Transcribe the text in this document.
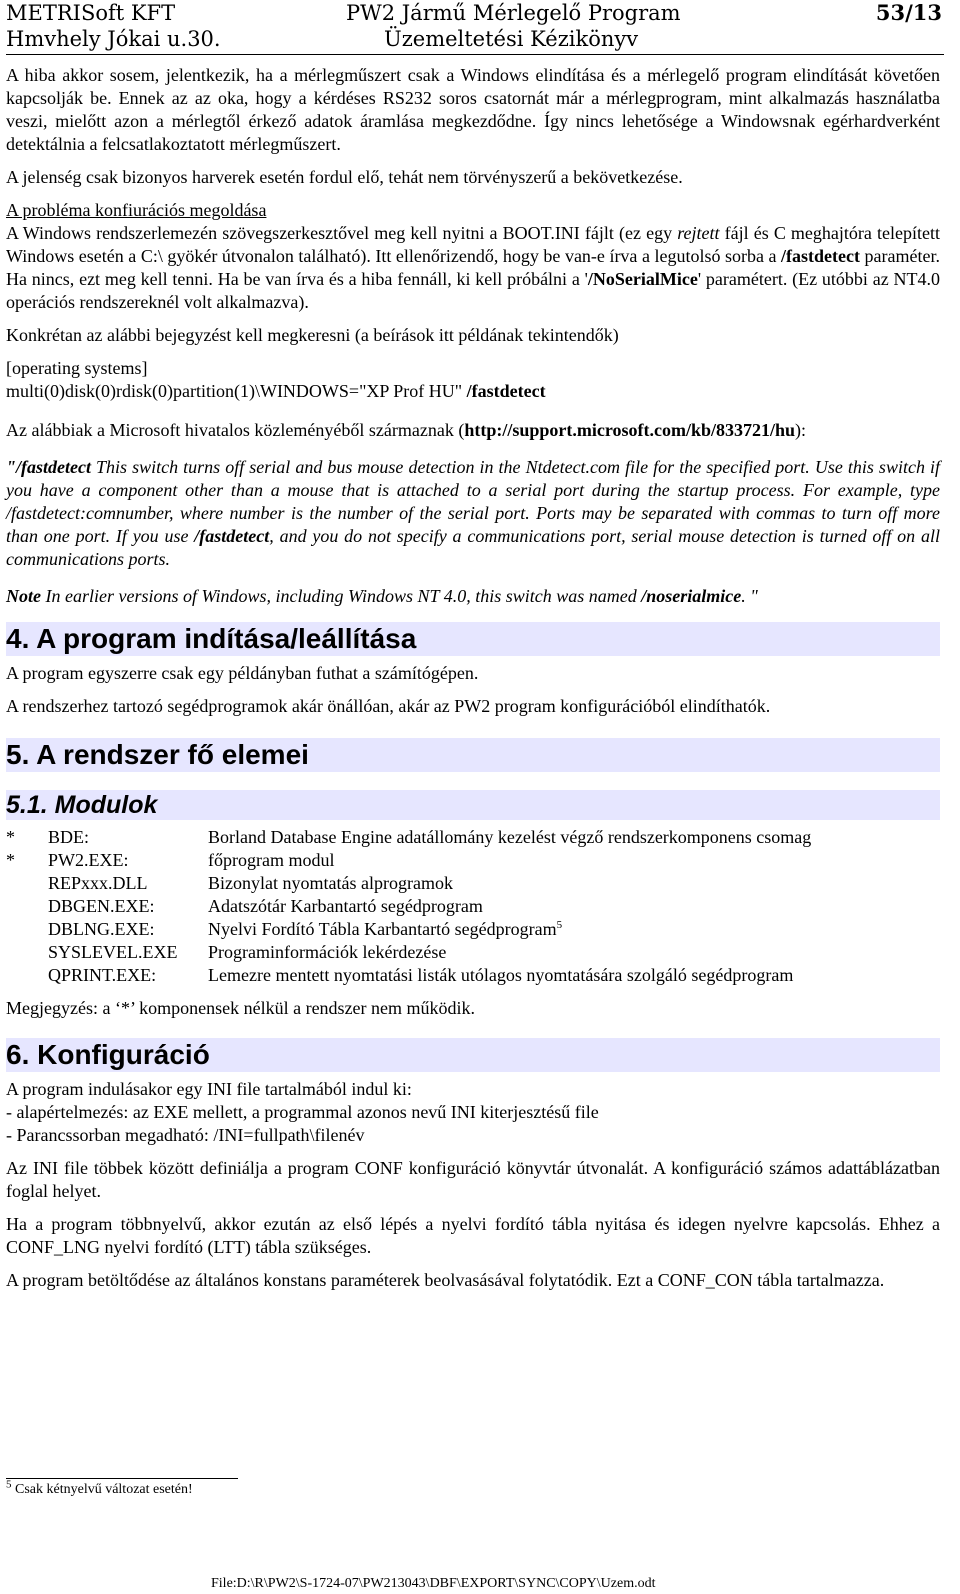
METRISoft KFT
Hmvhely Jókai u.30.
PW2 Jármű Mérlegelő Program
Üzemeltetési Kézikönyv
53/13

A hiba akkor sosem, jelentkezik, ha a mérlegműszert csak a Windows elindítása és a mérlegelő program elindítását követően kapcsolják be. Ennek az az oka, hogy a kérdéses RS232 soros csatornát már a mérlegprogram, mint alkalmazás használatba veszi, mielőtt azon a mérlegtől érkező adatok áramlása megkezdődne. Így nincs lehetősége a Windowsnak egérhardverként detektálnia a felcsatlakoztatott mérlegműszert.

A jelenség csak bizonyos harverek esetén fordul elő, tehát nem törvényszerű a bekövetkezése.

A probléma konfiurációs megoldása
A Windows rendszerlemezén szövegszerkesztővel meg kell nyitni a BOOT.INI fájlt (ez egy rejtett fájl és C meghajtóra telepített Windows esetén a C:\ gyökér útvonalon található). Itt ellenőrizendő, hogy be van-e írva a legutolsó sorba a /fastdetect paraméter. Ha nincs, ezt meg kell tenni. Ha be van írva és a hiba fennáll, ki kell próbálni a '/NoSerialMice' paramétert. (Ez utóbbi az NT4.0 operációs rendszereknél volt alkalmazva).

Konkrétan az alábbi bejegyzést kell megkeresni (a beírások itt példának tekintendők)

[operating systems]
multi(0)disk(0)rdisk(0)partition(1)\WINDOWS="XP Prof HU" /fastdetect

Az alábbiak a Microsoft hivatalos közleményéből származnak (http://support.microsoft.com/kb/833721/hu):

"/fastdetect This switch turns off serial and bus mouse detection in the Ntdetect.com file for the specified port. Use this switch if you have a component other than a mouse that is attached to a serial port during the startup process. For example, type /fastdetect:comnumber, where number is the number of the serial port. Ports may be separated with commas to turn off more than one port. If you use /fastdetect, and you do not specify a communications port, serial mouse detection is turned off on all communications ports.

Note In earlier versions of Windows, including Windows NT 4.0, this switch was named /noserialmice. "

4. A program indítása/leállítása

A program egyszerre csak egy példányban futhat a számítógépen.

A rendszerhez tartozó segédprogramok akár önállóan, akár az PW2 program konfigurációból elindíthatók.

5. A rendszer fő elemei
5.1. Modulok
*	BDE:	Borland Database Engine adatállomány kezelést végző rendszerkomponens csomag
*	PW2.EXE:	főprogram modul
REPxxx.DLL	Bizonylat nyomtatás alprogramok
DBGEN.EXE:	Adatszótár Karbantartó segédprogram
DBLNG.EXE:	Nyelvi Fordító Tábla Karbantartó segédprogram$^5$
SYSLEVEL.EXE	Programinformációk lekérdezése
QPRINT.EXE:	Lemezre mentett nyomtatási listák utólagos nyomtatására szolgáló segédprogram

Megjegyzés: a ‘*’ komponensek nélkül a rendszer nem működik.

6. Konfiguráció

A program indulásakor egy INI file tartalmából indul ki:
- alapértelmezés: az EXE mellett, a programmal azonos nevű INI kiterjesztésű file
- Parancssorban megadható: /INI=fullpath\filenév

Az INI file többek között definiálja a program CONF konfiguráció könyvtár útvonalát. A konfiguráció számos adattáblázatban foglal helyet.

Ha a program többnyelvű, akkor ezután az első lépés a nyelvi fordító tábla nyitása és idegen nyelvre kapcsolás. Ehhez a CONF_LNG nyelvi fordító (LTT) tábla szükséges.

A program betöltődése az általános konstans paraméterek beolvasásával folytatódik. Ezt a CONF_CON tábla tartalmazza.

$^5$ Csak kétnyelvű változat esetén!
File:D:\R\PW2\S-1724-07\PW213043\DBF\EXPORT\SYNC\COPY\Uzem.odt
